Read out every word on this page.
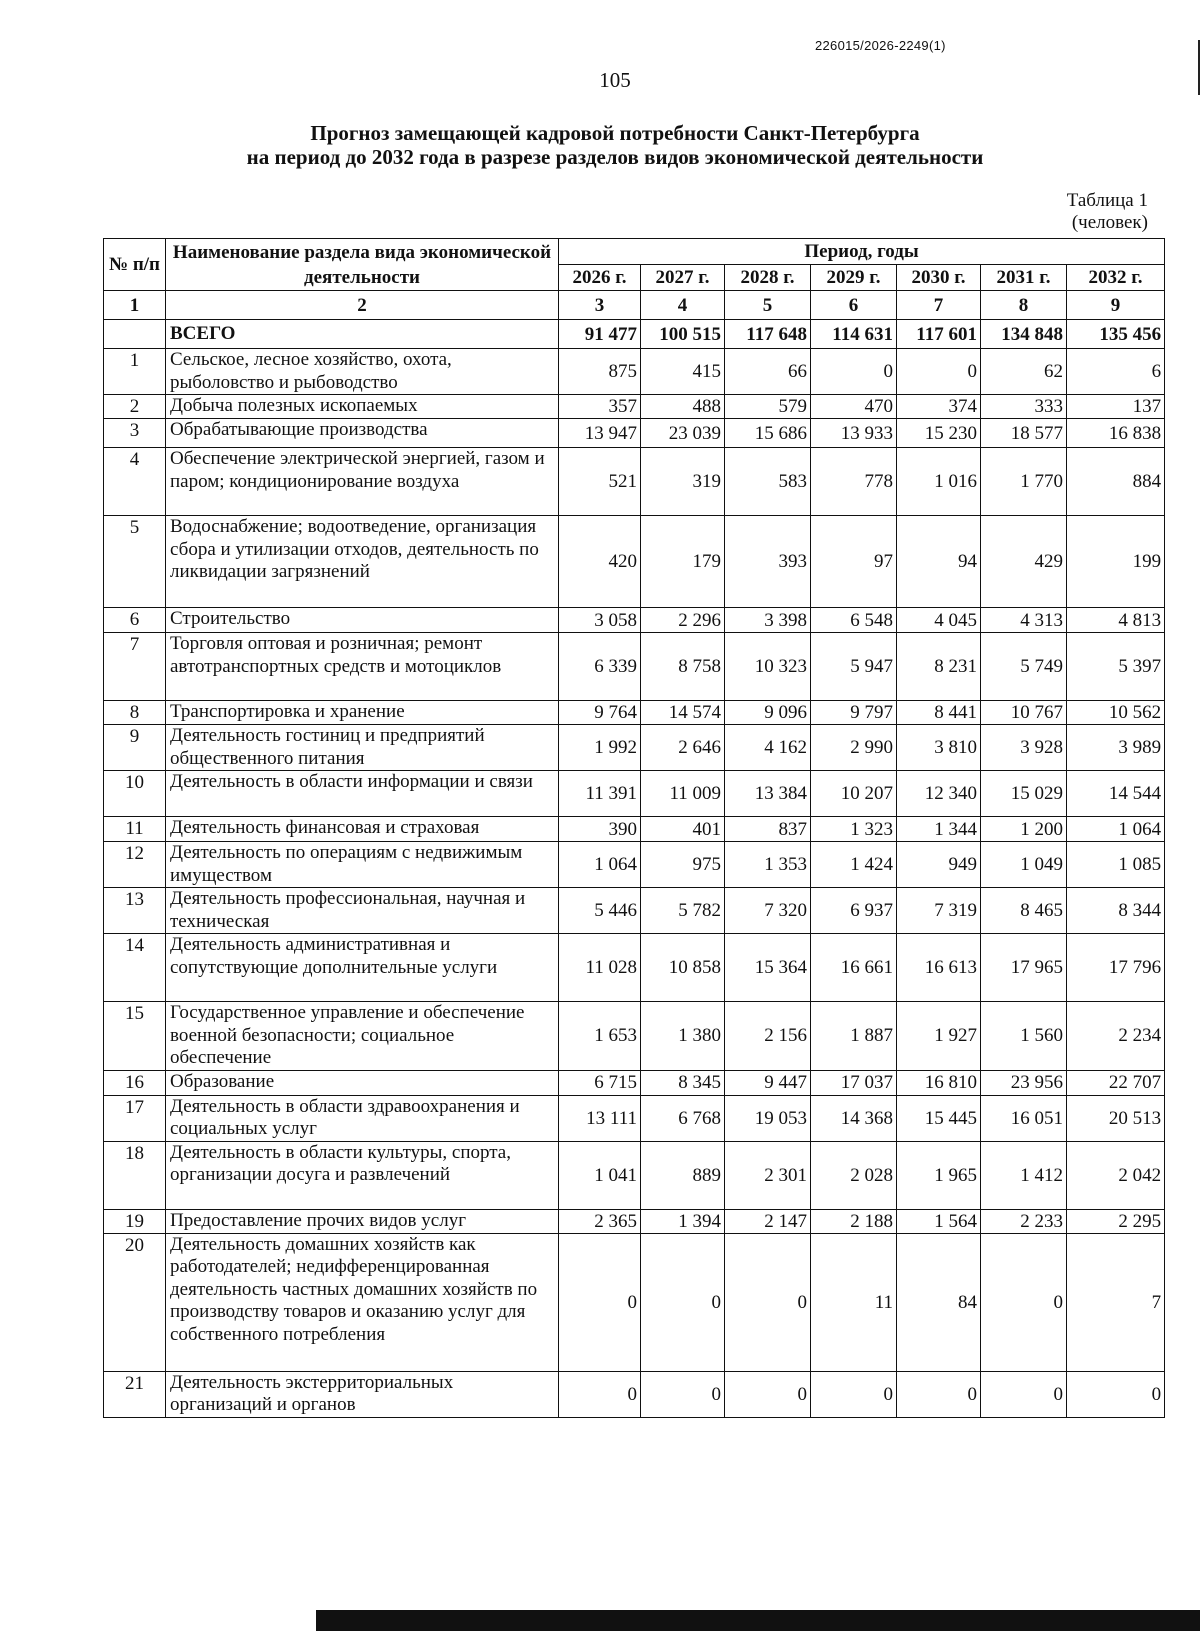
226015/2026-2249(1)
105
Прогноз замещающей кадровой потребности Санкт-Петербурга
на период до 2032 года в разрезе разделов видов экономической деятельности
Таблица 1
(человек)
№ п/п	Наименование раздела вида экономической деятельности	Период, годы						
		2026 г.	2027 г.	2028 г.	2029 г.	2030 г.	2031 г.	2032 г.
1	2	3	4	5	6	7	8	9
	ВСЕГО	91 477	100 515	117 648	114 631	117 601	134 848	135 456
1	Сельское, лесное хозяйство, охота, рыболовство и рыбоводство	875	415	66	0	0	62	6
2	Добыча полезных ископаемых	357	488	579	470	374	333	137
3	Обрабатывающие производства	13 947	23 039	15 686	13 933	15 230	18 577	16 838
4	Обеспечение электрической энергией, газом и паром; кондиционирование воздуха	521	319	583	778	1 016	1 770	884
5	Водоснабжение; водоотведение, организация сбора и утилизации отходов, деятельность по ликвидации загрязнений	420	179	393	97	94	429	199
6	Строительство	3 058	2 296	3 398	6 548	4 045	4 313	4 813
7	Торговля оптовая и розничная; ремонт автотранспортных средств и мотоциклов	6 339	8 758	10 323	5 947	8 231	5 749	5 397
8	Транспортировка и хранение	9 764	14 574	9 096	9 797	8 441	10 767	10 562
9	Деятельность гостиниц и предприятий общественного питания	1 992	2 646	4 162	2 990	3 810	3 928	3 989
10	Деятельность в области информации и связи	11 391	11 009	13 384	10 207	12 340	15 029	14 544
11	Деятельность финансовая и страховая	390	401	837	1 323	1 344	1 200	1 064
12	Деятельность по операциям с недвижимым имуществом	1 064	975	1 353	1 424	949	1 049	1 085
13	Деятельность профессиональная, научная и техническая	5 446	5 782	7 320	6 937	7 319	8 465	8 344
14	Деятельность административная и сопутствующие дополнительные услуги	11 028	10 858	15 364	16 661	16 613	17 965	17 796
15	Государственное управление и обеспечение военной безопасности; социальное обеспечение	1 653	1 380	2 156	1 887	1 927	1 560	2 234
16	Образование	6 715	8 345	9 447	17 037	16 810	23 956	22 707
17	Деятельность в области здравоохранения и социальных услуг	13 111	6 768	19 053	14 368	15 445	16 051	20 513
18	Деятельность в области культуры, спорта, организации досуга и развлечений	1 041	889	2 301	2 028	1 965	1 412	2 042
19	Предоставление прочих видов услуг	2 365	1 394	2 147	2 188	1 564	2 233	2 295
20	Деятельность домашних хозяйств как работодателей; недифференцированная деятельность частных домашних хозяйств по производству товаров и оказанию услуг для собственного потребления	0	0	0	11	84	0	7
21	Деятельность экстерриториальных организаций и органов	0	0	0	0	0	0	0
